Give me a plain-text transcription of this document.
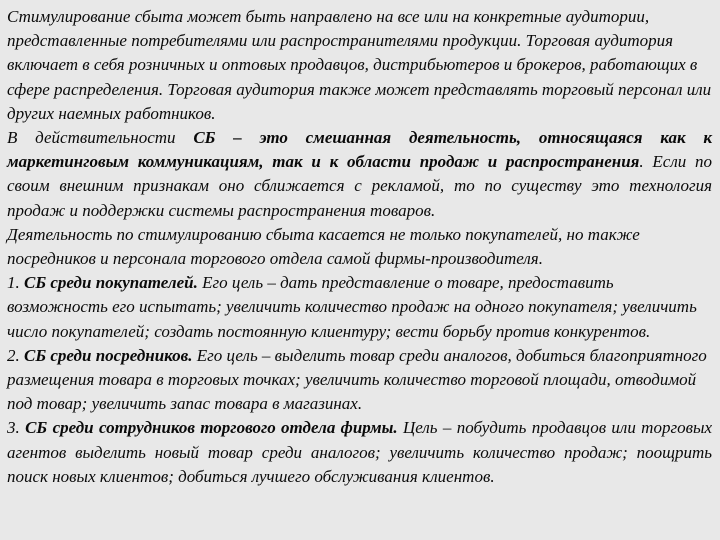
Стимулирование сбыта может быть направлено на все или на конкретные аудитории, представленные потребителями или распространителями продукции. Торговая аудитория включает в себя розничных и оптовых продавцов, дистрибьютеров и брокеров, работающих в сфере распределения. Торговая аудитория также может представлять торговый персонал или других наемных работников.

В действительности СБ – это смешанная деятельность, относящаяся как к маркетинговым коммуникациям, так и к области продаж и распространения. Если по своим внешним признакам оно сближается с рекламой, то по существу это технология продаж и поддержки системы распространения товаров.

Деятельность по стимулированию сбыта касается не только покупателей, но также посредников и персонала торгового отдела самой фирмы-производителя.

1. СБ среди покупателей. Его цель – дать представление о товаре, предоставить возможность его испытать; увеличить количество продаж на одного покупателя; увеличить число покупателей; создать постоянную клиентуру; вести борьбу против конкурентов.

2. СБ среди посредников. Его цель – выделить товар среди аналогов, добиться благоприятного размещения товара в торговых точках; увеличить количество торговой площади, отводимой под товар; увеличить запас товара в магазинах.

3. СБ среди сотрудников торгового отдела фирмы. Цель – побудить продавцов или торговых агентов выделить новый товар среди аналогов; увеличить количество продаж; поощрить поиск новых клиентов; добиться лучшего обслуживания клиентов.
